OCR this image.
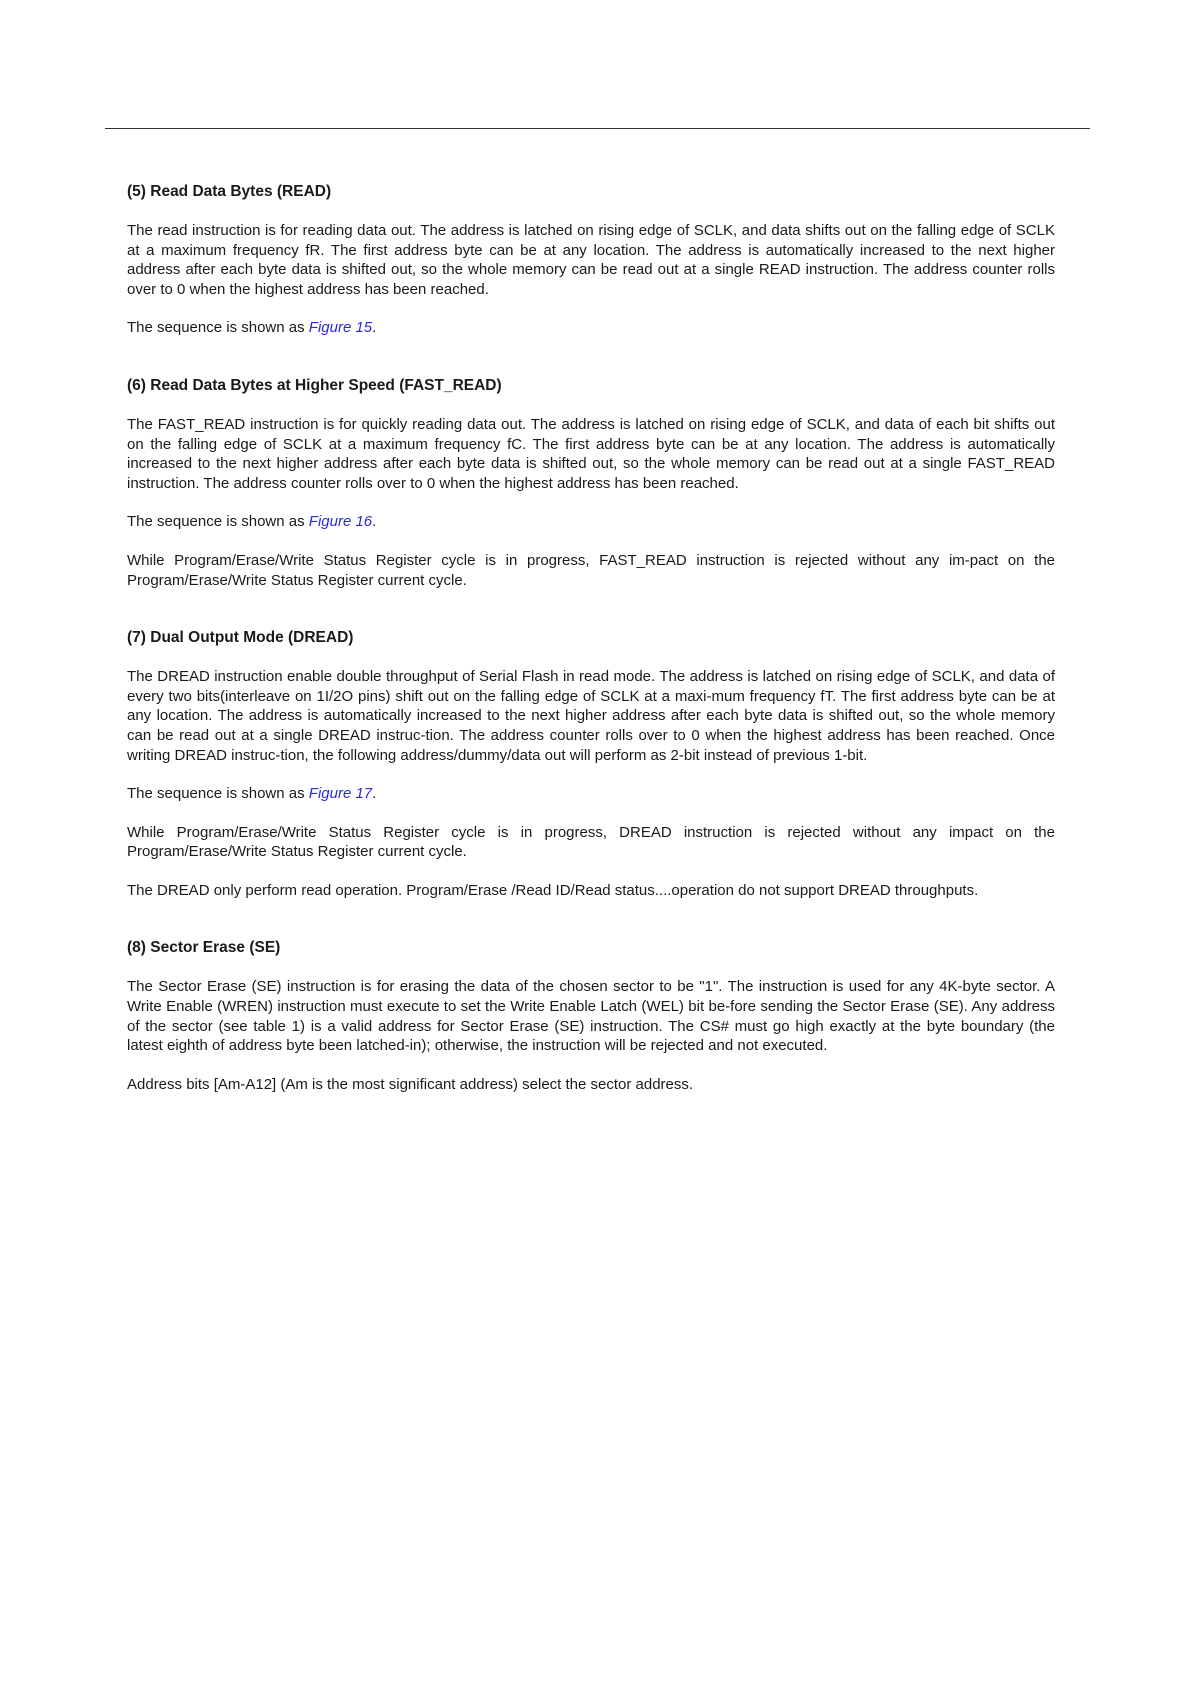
(5) Read Data Bytes (READ)

The read instruction is for reading data out. The address is latched on rising edge of SCLK, and data shifts out on the falling edge of SCLK at a maximum frequency fR. The first address byte can be at any location. The address is automatically increased to the next higher address after each byte data is shifted out, so the whole memory can be read out at a single READ instruction. The address counter rolls over to 0 when the highest address has been reached.

The sequence is shown as Figure 15.

(6) Read Data Bytes at Higher Speed (FAST_READ)

The FAST_READ instruction is for quickly reading data out. The address is latched on rising edge of SCLK, and data of each bit shifts out on the falling edge of SCLK at a maximum frequency fC. The first address byte can be at any location. The address is automatically increased to the next higher address after each byte data is shifted out, so the whole memory can be read out at a single FAST_READ instruction. The address counter rolls over to 0 when the highest address has been reached.

The sequence is shown as Figure 16.

While Program/Erase/Write Status Register cycle is in progress, FAST_READ instruction is rejected without any im-pact on the Program/Erase/Write Status Register current cycle.

(7) Dual Output Mode (DREAD)

The DREAD instruction enable double throughput of Serial Flash in read mode. The address is latched on rising edge of SCLK, and data of every two bits(interleave on 1I/2O pins) shift out on the falling edge of SCLK at a maxi-mum frequency fT. The first address byte can be at any location. The address is automatically increased to the next higher address after each byte data is shifted out, so the whole memory can be read out at a single DREAD instruc-tion. The address counter rolls over to 0 when the highest address has been reached. Once writing DREAD instruc-tion, the following address/dummy/data out will perform as 2-bit instead of previous 1-bit.

The sequence is shown as Figure 17.

While Program/Erase/Write Status Register cycle is in progress, DREAD instruction is rejected without any impact on the Program/Erase/Write Status Register current cycle.

The DREAD only perform read operation. Program/Erase /Read ID/Read status....operation do not support DREAD throughputs.

(8) Sector Erase (SE)

The Sector Erase (SE) instruction is for erasing the data of the chosen sector to be "1". The instruction is used for any 4K-byte sector. A Write Enable (WREN) instruction must execute to set the Write Enable Latch (WEL) bit be-fore sending the Sector Erase (SE). Any address of the sector (see table 1) is a valid address for Sector Erase (SE) instruction. The CS# must go high exactly at the byte boundary (the latest eighth of address byte been latched-in); otherwise, the instruction will be rejected and not executed.

Address bits [Am-A12] (Am is the most significant address) select the sector address.
